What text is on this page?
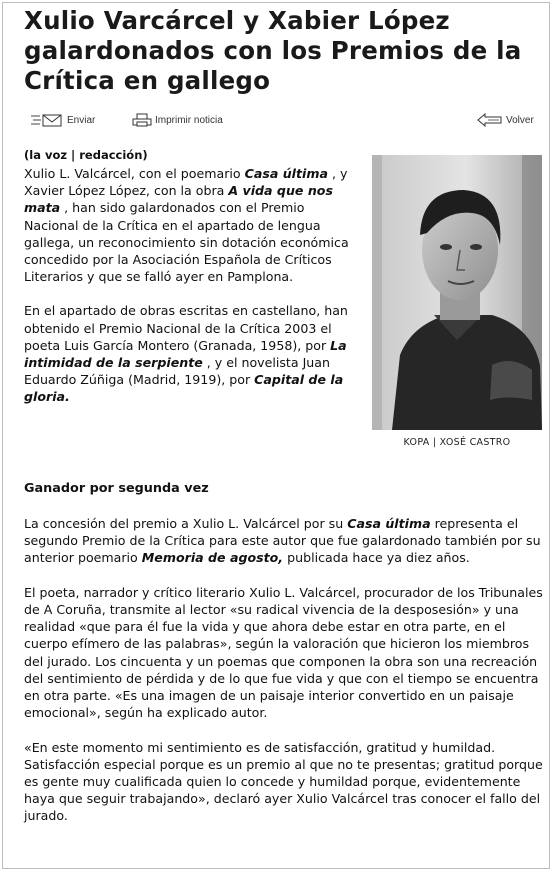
Xulio Varcárcel y Xabier López galardonados con los Premios de la Crítica en gallego
Enviar	Imprimir noticia	Volver

(la voz | redacción)

Xulio L. Valcárcel, con el poemario Casa última , y Xavier López López, con la obra A vida que nos mata , han sido galardonados con el Premio Nacional de la Crítica en el apartado de lengua gallega, un reconocimiento sin dotación económica concedido por la Asociación Española de Críticos Literarios y que se falló ayer en Pamplona.

En el apartado de obras escritas en castellano, han obtenido el Premio Nacional de la Crítica 2003 el poeta Luis García Montero (Granada, 1958), por La intimidad de la serpiente , y el novelista Juan Eduardo Zúñiga (Madrid, 1919), por Capital de la gloria.

KOPA | XOSÉ CASTRO
Ganador por segunda vez

La concesión del premio a Xulio L. Valcárcel por su Casa última representa el segundo Premio de la Crítica para este autor que fue galardonado también por su anterior poemario Memoria de agosto, publicada hace ya diez años.

El poeta, narrador y crítico literario Xulio L. Valcárcel, procurador de los Tribunales de A Coruña, transmite al lector «su radical vivencia de la desposesión» y una realidad «que para él fue la vida y que ahora debe estar en otra parte, en el cuerpo efímero de las palabras», según la valoración que hicieron los miembros del jurado. Los cincuenta y un poemas que componen la obra son una recreación del sentimiento de pérdida y de lo que fue vida y que con el tiempo se encuentra en otra parte. «Es una imagen de un paisaje interior convertido en un paisaje emocional», según ha explicado autor.

«En este momento mi sentimiento es de satisfacción, gratitud y humildad. Satisfacción especial porque es un premio al que no te presentas; gratitud porque es gente muy cualificada quien lo concede y humildad porque, evidentemente haya que seguir trabajando», declaró ayer Xulio Valcárcel tras conocer el fallo del jurado.
